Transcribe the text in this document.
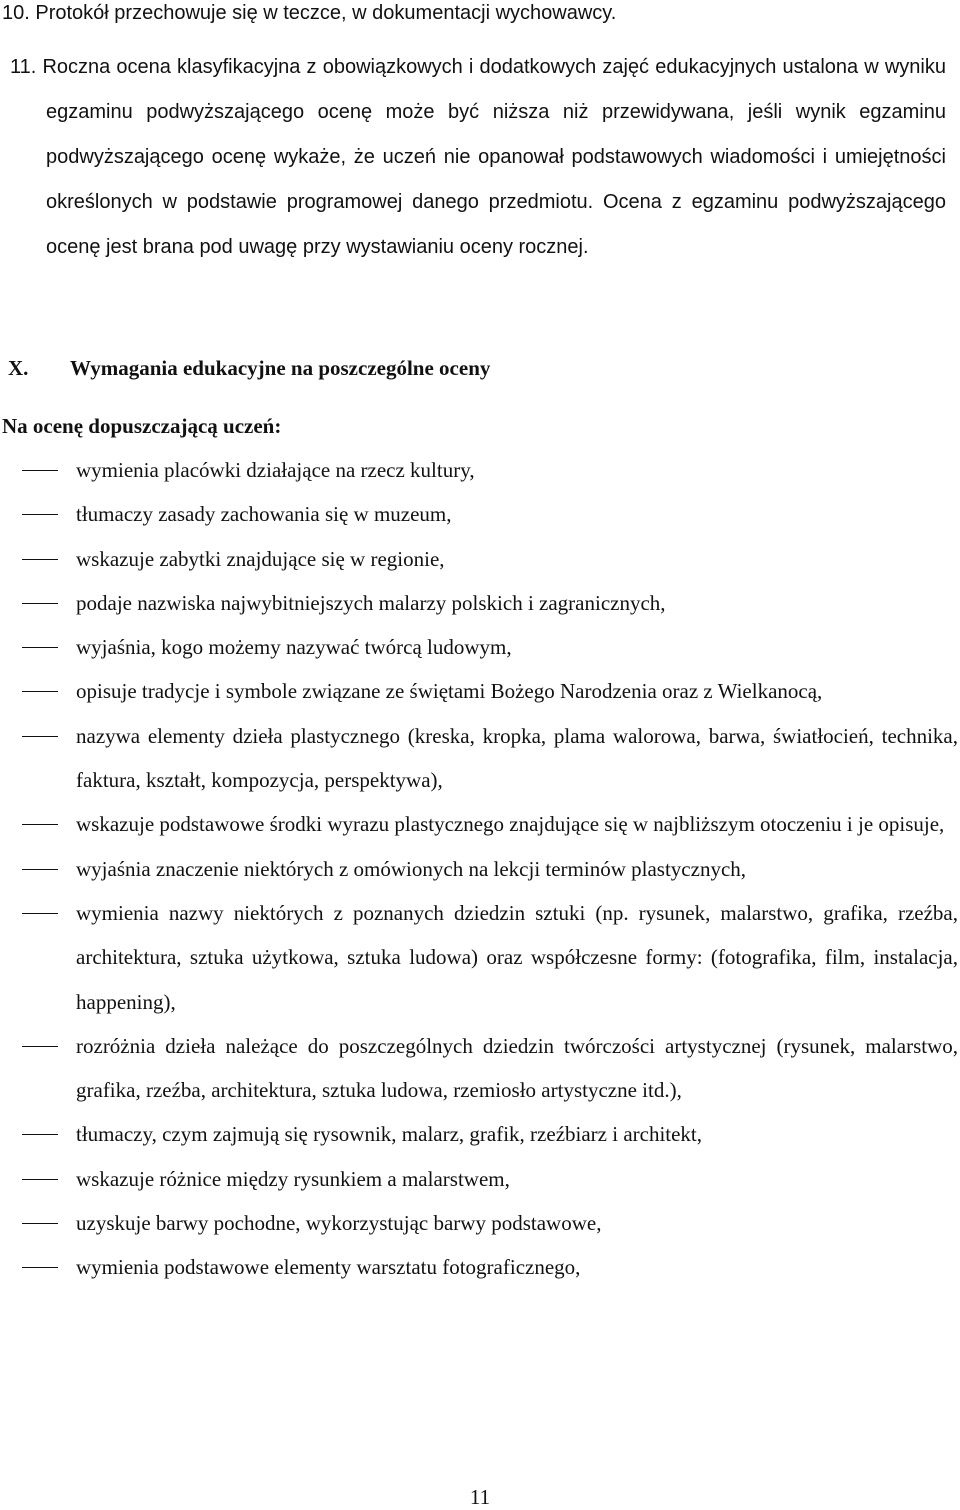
10. Protokół przechowuje się w teczce, w dokumentacji wychowawcy.

11. Roczna ocena klasyfikacyjna z obowiązkowych i dodatkowych zajęć edukacyjnych ustalona w wyniku egzaminu podwyższającego ocenę może być niższa niż przewidywana, jeśli wynik egzaminu podwyższającego ocenę wykaże, że uczeń nie opanował podstawowych wiadomości i umiejętności określonych w podstawie programowej danego przedmiotu. Ocena z egzaminu podwyższającego ocenę jest brana pod uwagę przy wystawianiu oceny rocznej.

X. Wymagania edukacyjne na poszczególne oceny
Na ocenę dopuszczającą uczeń:
wymienia placówki działające na rzecz kultury,
tłumaczy zasady zachowania się w muzeum,
wskazuje zabytki znajdujące się w regionie,
podaje nazwiska najwybitniejszych malarzy polskich i zagranicznych,
wyjaśnia, kogo możemy nazywać twórcą ludowym,
opisuje tradycje i symbole związane ze świętami Bożego Narodzenia oraz z Wielkanocą,
nazywa elementy dzieła plastycznego (kreska, kropka, plama walorowa, barwa, światłocień, technika, faktura, kształt, kompozycja, perspektywa),
wskazuje podstawowe środki wyrazu plastycznego znajdujące się w najbliższym otoczeniu i je opisuje,
wyjaśnia znaczenie niektórych z omówionych na lekcji terminów plastycznych,
wymienia nazwy niektórych z poznanych dziedzin sztuki (np. rysunek, malarstwo, grafika, rzeźba, architektura, sztuka użytkowa, sztuka ludowa) oraz współczesne formy: (fotografika, film, instalacja, happening),
rozróżnia dzieła należące do poszczególnych dziedzin twórczości artystycznej (rysunek, malarstwo, grafika, rzeźba, architektura, sztuka ludowa, rzemiosło artystyczne itd.),
tłumaczy, czym zajmują się rysownik, malarz, grafik, rzeźbiarz i architekt,
wskazuje różnice między rysunkiem a malarstwem,
uzyskuje barwy pochodne, wykorzystując barwy podstawowe,
wymienia podstawowe elementy warsztatu fotograficznego,
11
